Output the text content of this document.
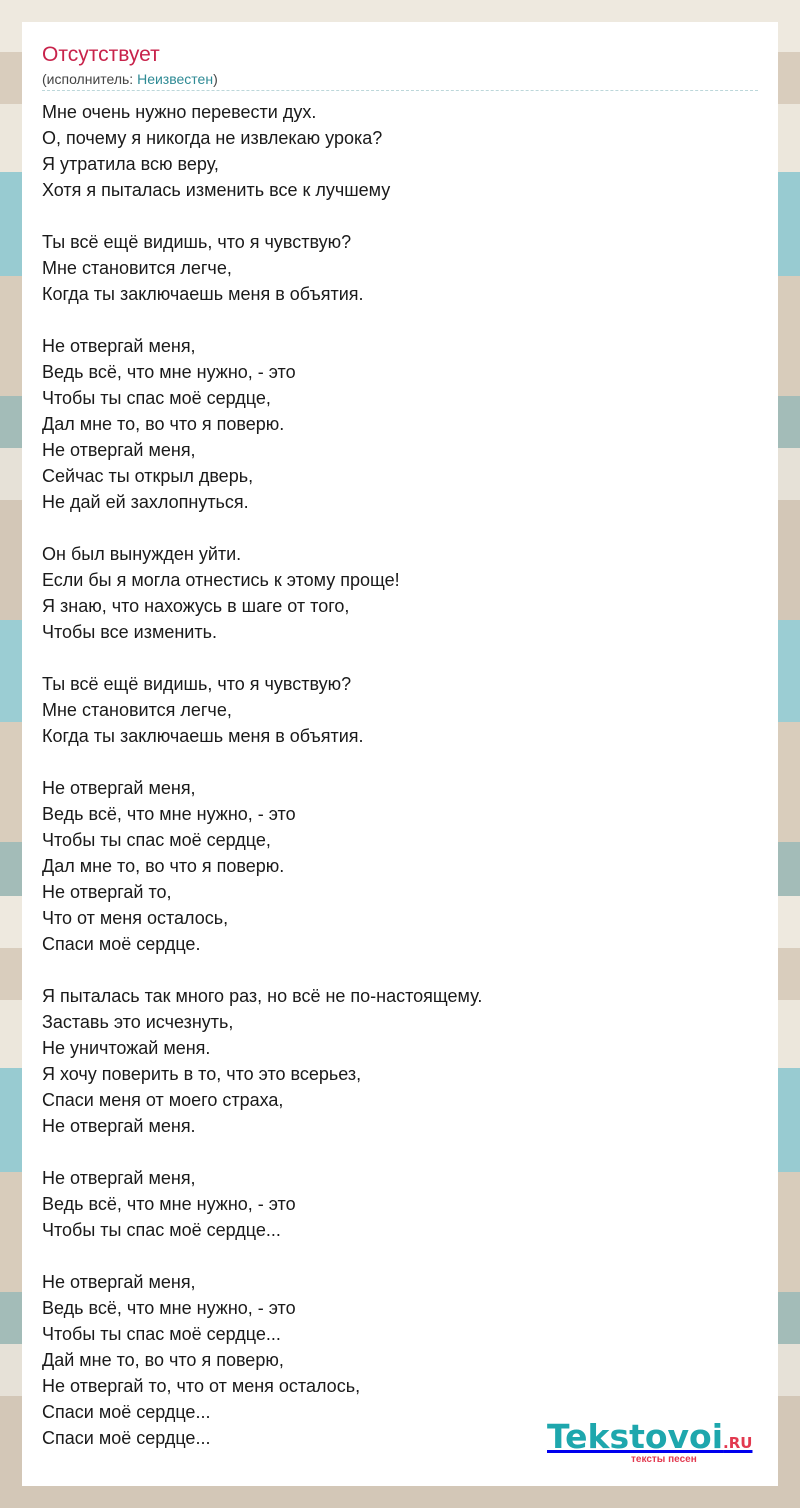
Отсутствует
(исполнитель: Неизвестен)
Мне очень нужно перевести дух.
О, почему я никогда не извлекаю урока?
Я утратила всю веру,
Хотя я пыталась изменить все к лучшему

Ты всё ещё видишь, что я чувствую?
Мне становится легче,
Когда ты заключаешь меня в объятия.

Не отвергай меня,
Ведь всё, что мне нужно, - это
Чтобы ты спас моё сердце,
Дал мне то, во что я поверю.
Не отвергай меня,
Сейчас ты открыл дверь,
Не дай ей захлопнуться.

Он был вынужден уйти.
Если бы я могла отнестись к этому проще!
Я знаю, что нахожусь в шаге от того,
Чтобы все изменить.

Ты всё ещё видишь, что я чувствую?
Мне становится легче,
Когда ты заключаешь меня в объятия.

Не отвергай меня,
Ведь всё, что мне нужно, - это
Чтобы ты спас моё сердце,
Дал мне то, во что я поверю.
Не отвергай то,
Что от меня осталось,
Спаси моё сердце.

Я пыталась так много раз, но всё не по-настоящему.
Заставь это исчезнуть,
Не уничтожай меня.
Я хочу поверить в то, что это всерьез,
Спаси меня от моего страха,
Не отвергай меня.

Не отвергай меня,
Ведь всё, что мне нужно, - это
Чтобы ты спас моё сердце...

Не отвергай меня,
Ведь всё, что мне нужно, - это
Чтобы ты спас моё сердце...
Дай мне то, во что я поверю,
Не отвергай то, что от меня осталось,
Спаси моё сердце...
Спаси моё сердце...	Tekstovoi.RU
тексты песен
